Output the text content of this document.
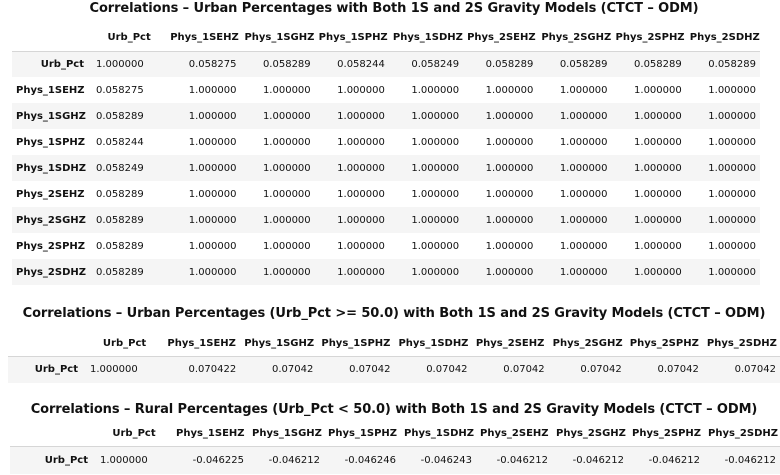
Correlations – Urban Percentages with Both 1S and 2S Gravity Models (CTCT – ODM)
	Urb_Pct	Phys_1SEHZ	Phys_1SGHZ	Phys_1SPHZ	Phys_1SDHZ	Phys_2SEHZ	Phys_2SGHZ	Phys_2SPHZ	Phys_2SDHZ
Urb_Pct	1.000000	0.058275	0.058289	0.058244	0.058249	0.058289	0.058289	0.058289	0.058289
Phys_1SEHZ	0.058275	1.000000	1.000000	1.000000	1.000000	1.000000	1.000000	1.000000	1.000000
Phys_1SGHZ	0.058289	1.000000	1.000000	1.000000	1.000000	1.000000	1.000000	1.000000	1.000000
Phys_1SPHZ	0.058244	1.000000	1.000000	1.000000	1.000000	1.000000	1.000000	1.000000	1.000000
Phys_1SDHZ	0.058249	1.000000	1.000000	1.000000	1.000000	1.000000	1.000000	1.000000	1.000000
Phys_2SEHZ	0.058289	1.000000	1.000000	1.000000	1.000000	1.000000	1.000000	1.000000	1.000000
Phys_2SGHZ	0.058289	1.000000	1.000000	1.000000	1.000000	1.000000	1.000000	1.000000	1.000000
Phys_2SPHZ	0.058289	1.000000	1.000000	1.000000	1.000000	1.000000	1.000000	1.000000	1.000000
Phys_2SDHZ	0.058289	1.000000	1.000000	1.000000	1.000000	1.000000	1.000000	1.000000	1.000000
Correlations – Urban Percentages (Urb_Pct >= 50.0) with Both 1S and 2S Gravity Models (CTCT – ODM)
	Urb_Pct	Phys_1SEHZ	Phys_1SGHZ	Phys_1SPHZ	Phys_1SDHZ	Phys_2SEHZ	Phys_2SGHZ	Phys_2SPHZ	Phys_2SDHZ
Urb_Pct	1.000000	0.070422	0.07042	0.07042	0.07042	0.07042	0.07042	0.07042	0.07042
Correlations – Rural Percentages (Urb_Pct < 50.0) with Both 1S and 2S Gravity Models (CTCT – ODM)
	Urb_Pct	Phys_1SEHZ	Phys_1SGHZ	Phys_1SPHZ	Phys_1SDHZ	Phys_2SEHZ	Phys_2SGHZ	Phys_2SPHZ	Phys_2SDHZ
Urb_Pct	1.000000	-0.046225	-0.046212	-0.046246	-0.046243	-0.046212	-0.046212	-0.046212	-0.046212
